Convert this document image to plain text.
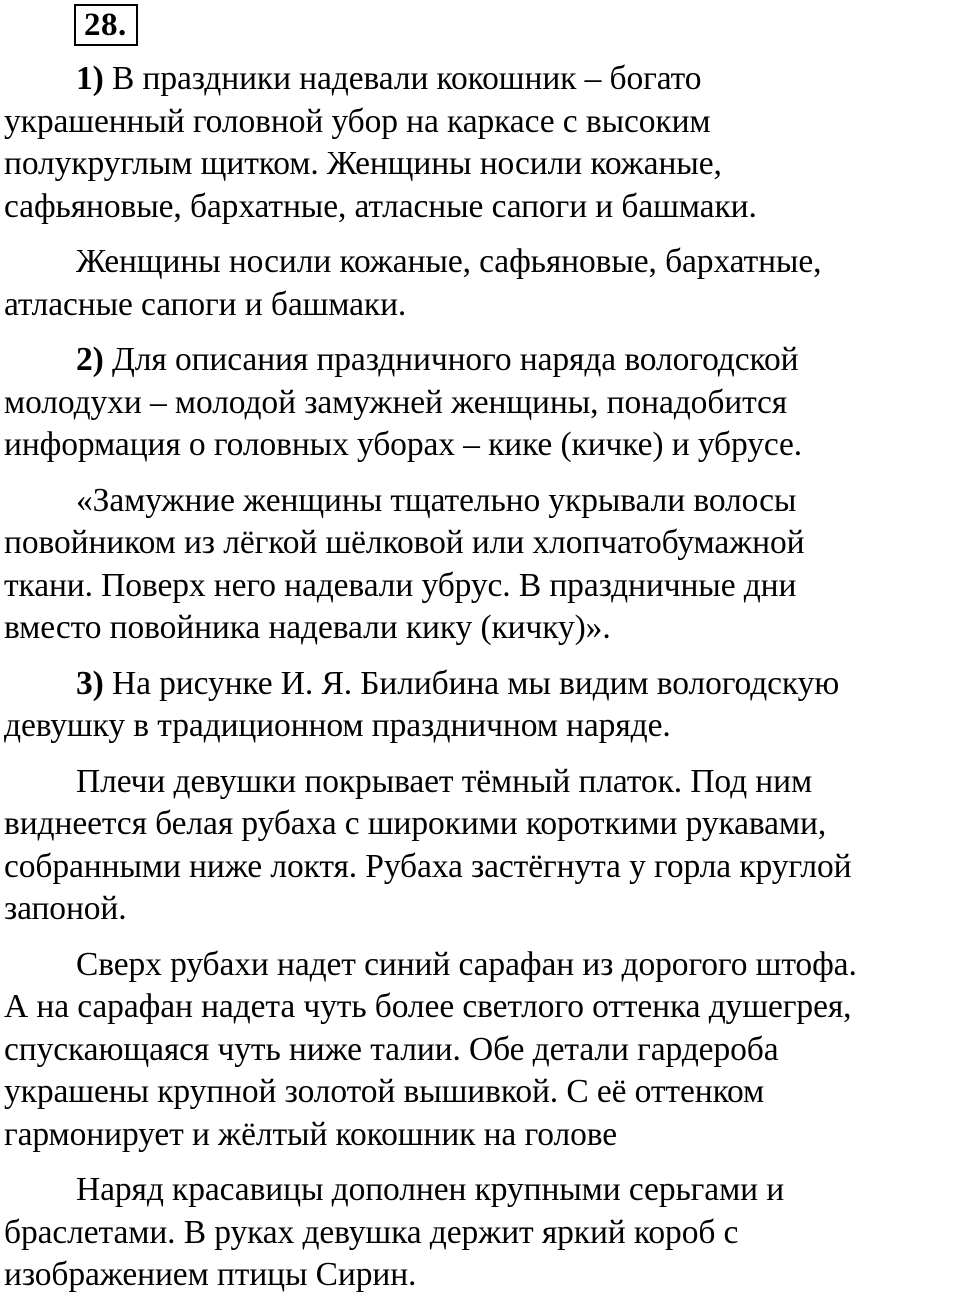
28.
1) В праздники надевали кокошник – богато
украшенный головной убор на каркасе с высоким
полукруглым щитком. Женщины носили кожаные,
сафьяновые, бархатные, атласные сапоги и башмаки.
Женщины носили кожаные, сафьяновые, бархатные,
атласные сапоги и башмаки.
2) Для описания праздничного наряда вологодской
молодухи – молодой замужней женщины, понадобится
информация о головных уборах – кике (кичке) и убрусе.
«Замужние женщины тщательно укрывали волосы
повойником из лёгкой шёлковой или хлопчатобумажной
ткани. Поверх него надевали убрус. В праздничные дни
вместо повойника надевали кику (кичку)».
3) На рисунке И. Я. Билибина мы видим вологодскую
девушку в традиционном праздничном наряде.
Плечи девушки покрывает тёмный платок. Под ним
виднеется белая рубаха с широкими короткими рукавами,
собранными ниже локтя. Рубаха застёгнута у горла круглой
запоной.
Сверх рубахи надет синий сарафан из дорогого штофа.
А на сарафан надета чуть более светлого оттенка душегрея,
спускающаяся чуть ниже талии. Обе детали гардероба
украшены крупной золотой вышивкой. С её оттенком
гармонирует и жёлтый кокошник на голове
Наряд красавицы дополнен крупными серьгами и
браслетами. В руках девушка держит яркий короб с
изображением птицы Сирин.
